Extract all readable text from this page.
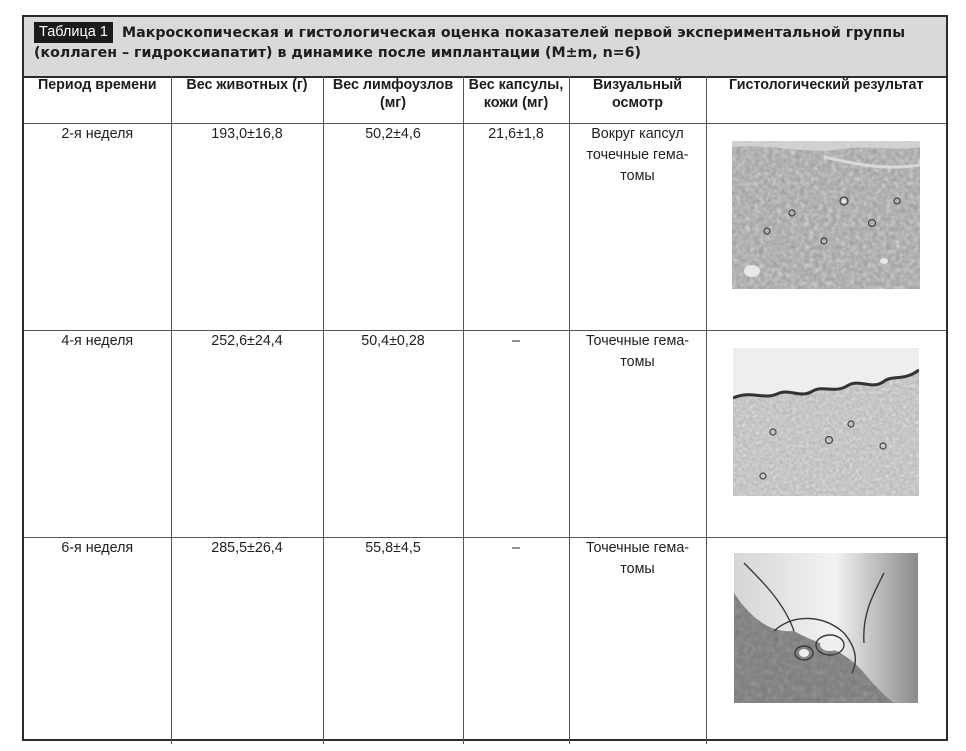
Макроскопическая и гистологическая оценка показателей первой экспериментальной группы (коллаген – гидроксиапатит) в динамике после имплантации (M±m, n=6)
Таблица 1
Период времени	Вес животных (г)	Вес лимфоузлов (мг)	Вес капсулы, кожи (мг)	Визуальный осмотр	Гистологический результат
2-я неделя	193,0±16,8	50,2±4,6	21,6±1,8	Вокруг капсул точечные гема-томы	

4-я неделя	252,6±24,4	50,4±0,28	–	Точечные гема-томы	

6-я неделя	285,5±26,4	55,8±4,5	–	Точечные гема-томы	
